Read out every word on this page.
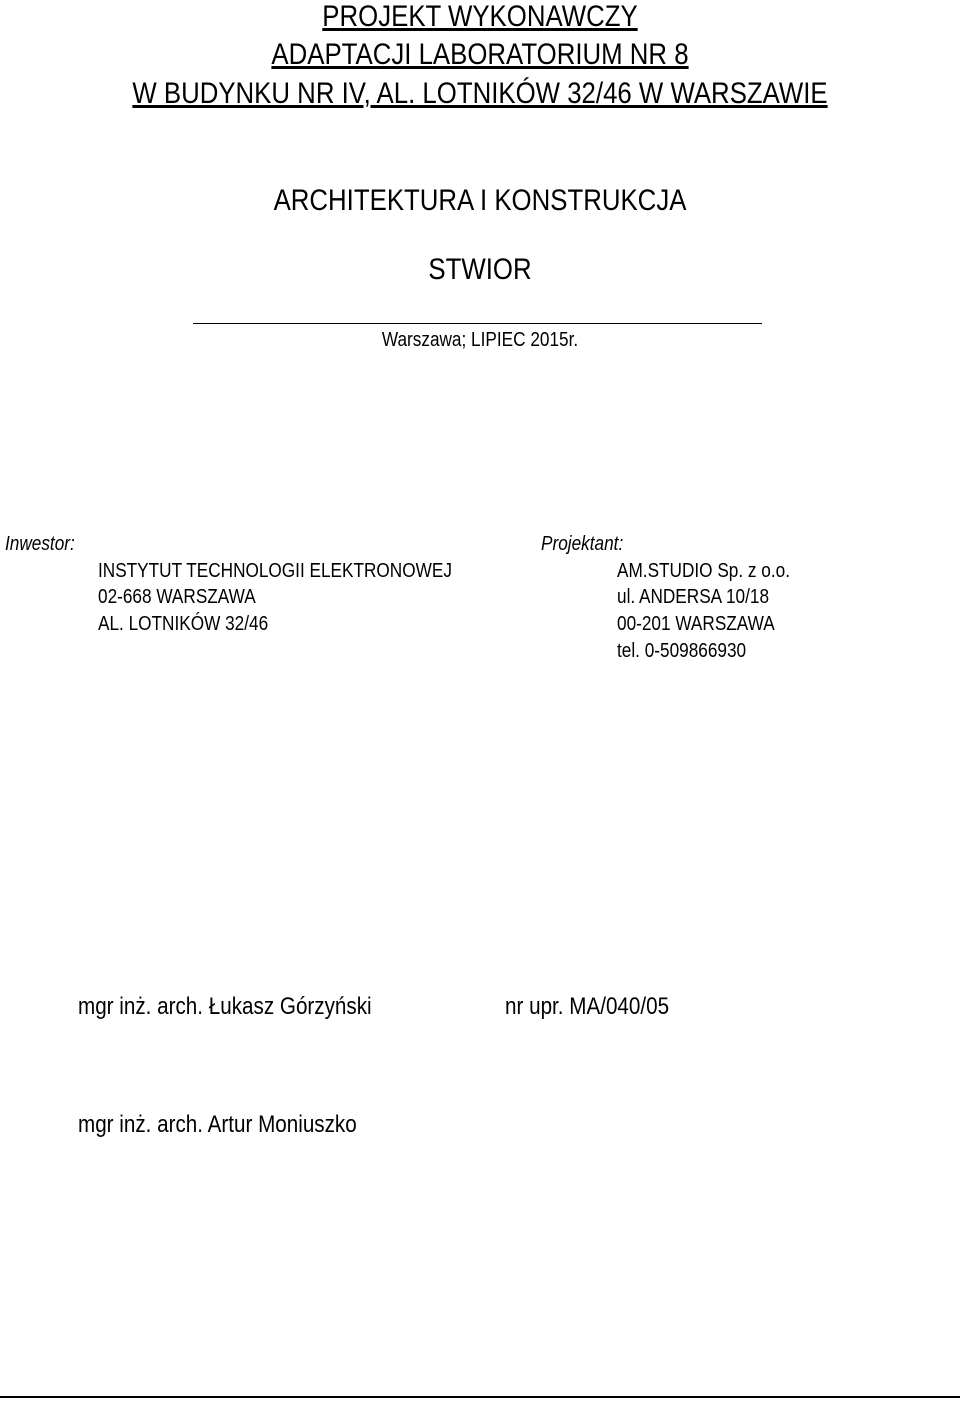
PROJEKT WYKONAWCZY
ADAPTACJI LABORATORIUM NR 8
W BUDYNKU NR IV, AL. LOTNIKÓW 32/46 W WARSZAWIE
ARCHITEKTURA I KONSTRUKCJA
STWIOR
Warszawa; LIPIEC 2015r.
Inwestor:
INSTYTUT TECHNOLOGII ELEKTRONOWEJ
02-668 WARSZAWA
AL. LOTNIKÓW 32/46
Projektant:
AM.STUDIO Sp. z o.o.
ul. ANDERSA 10/18
00-201 WARSZAWA
tel. 0-509866930
mgr inż. arch. Łukasz Górzyński	nr upr. MA/040/05
mgr inż. arch. Artur Moniuszko
